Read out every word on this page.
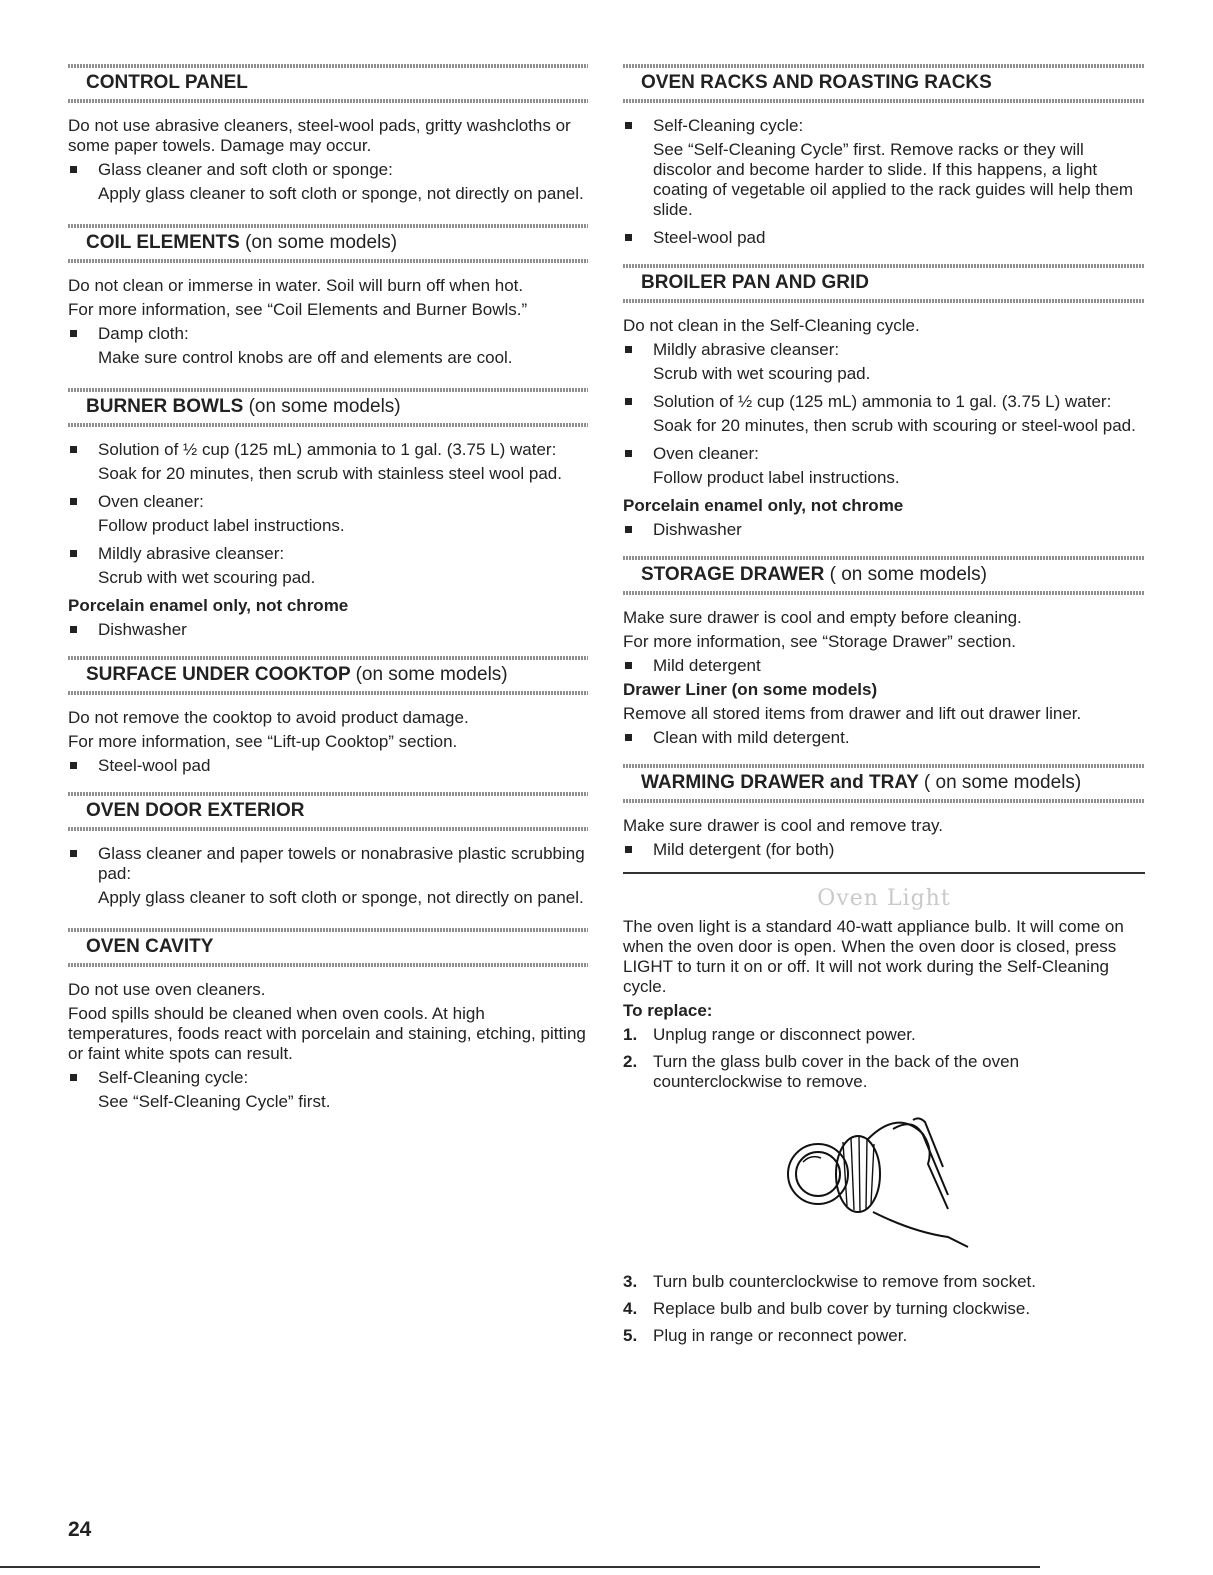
CONTROL PANEL

Do not use abrasive cleaners, steel-wool pads, gritty washcloths or some paper towels. Damage may occur.

Glass cleaner and soft cloth or sponge:
Apply glass cleaner to soft cloth or sponge, not directly on panel.
COIL ELEMENTS (on some models)

Do not clean or immerse in water. Soil will burn off when hot.

For more information, see “Coil Elements and Burner Bowls.”

Damp cloth:
Make sure control knobs are off and elements are cool.
BURNER BOWLS (on some models)
Solution of ½ cup (125 mL) ammonia to 1 gal. (3.75 L) water:
Soak for 20 minutes, then scrub with stainless steel wool pad.
Oven cleaner:
Follow product label instructions.
Mildly abrasive cleanser:
Scrub with wet scouring pad.
Porcelain enamel only, not chrome
Dishwasher
SURFACE UNDER COOKTOP (on some models)

Do not remove the cooktop to avoid product damage.

For more information, see “Lift-up Cooktop” section.

Steel-wool pad
OVEN DOOR EXTERIOR
Glass cleaner and paper towels or nonabrasive plastic scrubbing pad:
Apply glass cleaner to soft cloth or sponge, not directly on panel.
OVEN CAVITY

Do not use oven cleaners.

Food spills should be cleaned when oven cools. At high temperatures, foods react with porcelain and staining, etching, pitting or faint white spots can result.

Self-Cleaning cycle:
See “Self-Cleaning Cycle” first.
OVEN RACKS AND ROASTING RACKS
Self-Cleaning cycle:
See “Self-Cleaning Cycle” first. Remove racks or they will discolor and become harder to slide. If this happens, a light coating of vegetable oil applied to the rack guides will help them slide.
Steel-wool pad
BROILER PAN AND GRID

Do not clean in the Self-Cleaning cycle.

Mildly abrasive cleanser:
Scrub with wet scouring pad.
Solution of ½ cup (125 mL) ammonia to 1 gal. (3.75 L) water:
Soak for 20 minutes, then scrub with scouring or steel-wool pad.
Oven cleaner:
Follow product label instructions.
Porcelain enamel only, not chrome
Dishwasher
STORAGE DRAWER ( on some models)

Make sure drawer is cool and empty before cleaning.

For more information, see “Storage Drawer” section.

Mild detergent
Drawer Liner (on some models)

Remove all stored items from drawer and lift out drawer liner.

Clean with mild detergent.
WARMING DRAWER and TRAY ( on some models)

Make sure drawer is cool and remove tray.

Mild detergent (for both)
Oven Light

The oven light is a standard 40-watt appliance bulb. It will come on when the oven door is open. When the oven door is closed, press LIGHT to turn it on or off. It will not work during the Self-Cleaning cycle.

To replace:
1. Unplug range or disconnect power.
2. Turn the glass bulb cover in the back of the oven counterclockwise to remove.
3. Turn bulb counterclockwise to remove from socket.
4. Replace bulb and bulb cover by turning clockwise.
5. Plug in range or reconnect power.
24
